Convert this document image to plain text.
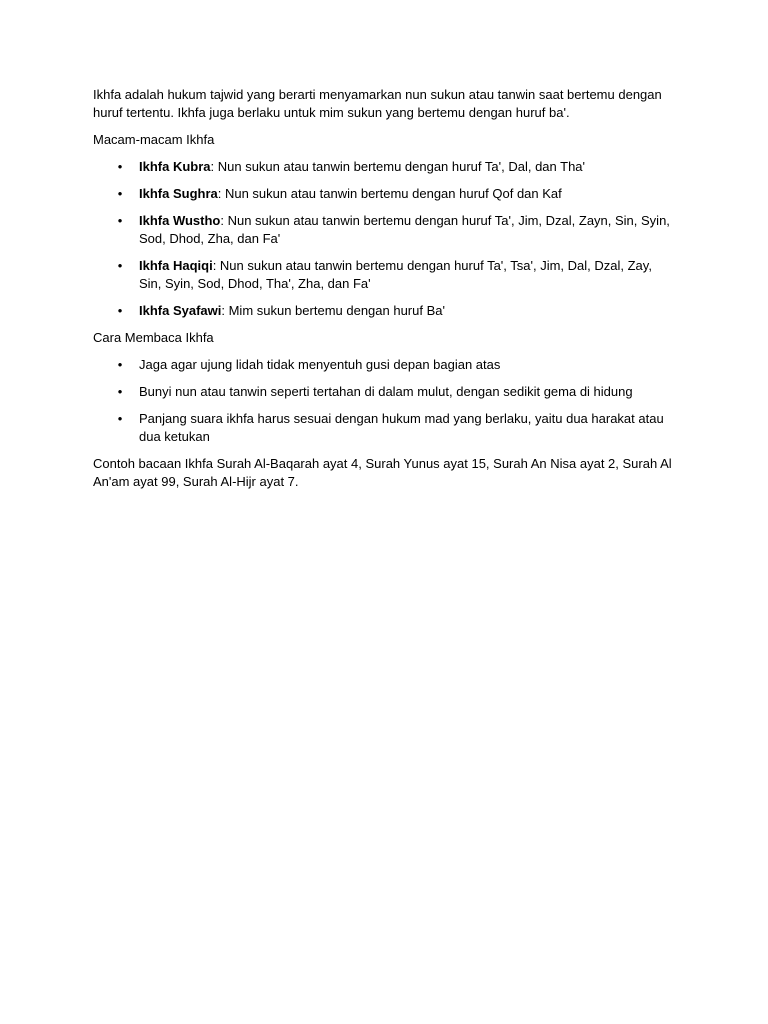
Ikhfa adalah hukum tajwid yang berarti menyamarkan nun sukun atau tanwin saat bertemu dengan huruf tertentu. Ikhfa juga berlaku untuk mim sukun yang bertemu dengan huruf ba'.

Macam-macam Ikhfa

• Ikhfa Kubra: Nun sukun atau tanwin bertemu dengan huruf Ta', Dal, dan Tha'
• Ikhfa Sughra: Nun sukun atau tanwin bertemu dengan huruf Qof dan Kaf
• Ikhfa Wustho: Nun sukun atau tanwin bertemu dengan huruf Ta', Jim, Dzal, Zayn, Sin, Syin, Sod, Dhod, Zha, dan Fa'
• Ikhfa Haqiqi: Nun sukun atau tanwin bertemu dengan huruf Ta', Tsa', Jim, Dal, Dzal, Zay, Sin, Syin, Sod, Dhod, Tha', Zha, dan Fa'
• Ikhfa Syafawi: Mim sukun bertemu dengan huruf Ba'

Cara Membaca Ikhfa

• Jaga agar ujung lidah tidak menyentuh gusi depan bagian atas
• Bunyi nun atau tanwin seperti tertahan di dalam mulut, dengan sedikit gema di hidung
• Panjang suara ikhfa harus sesuai dengan hukum mad yang berlaku, yaitu dua harakat atau dua ketukan

Contoh bacaan Ikhfa Surah Al-Baqarah ayat 4, Surah Yunus ayat 15, Surah An Nisa ayat 2, Surah Al An'am ayat 99, Surah Al-Hijr ayat 7.
